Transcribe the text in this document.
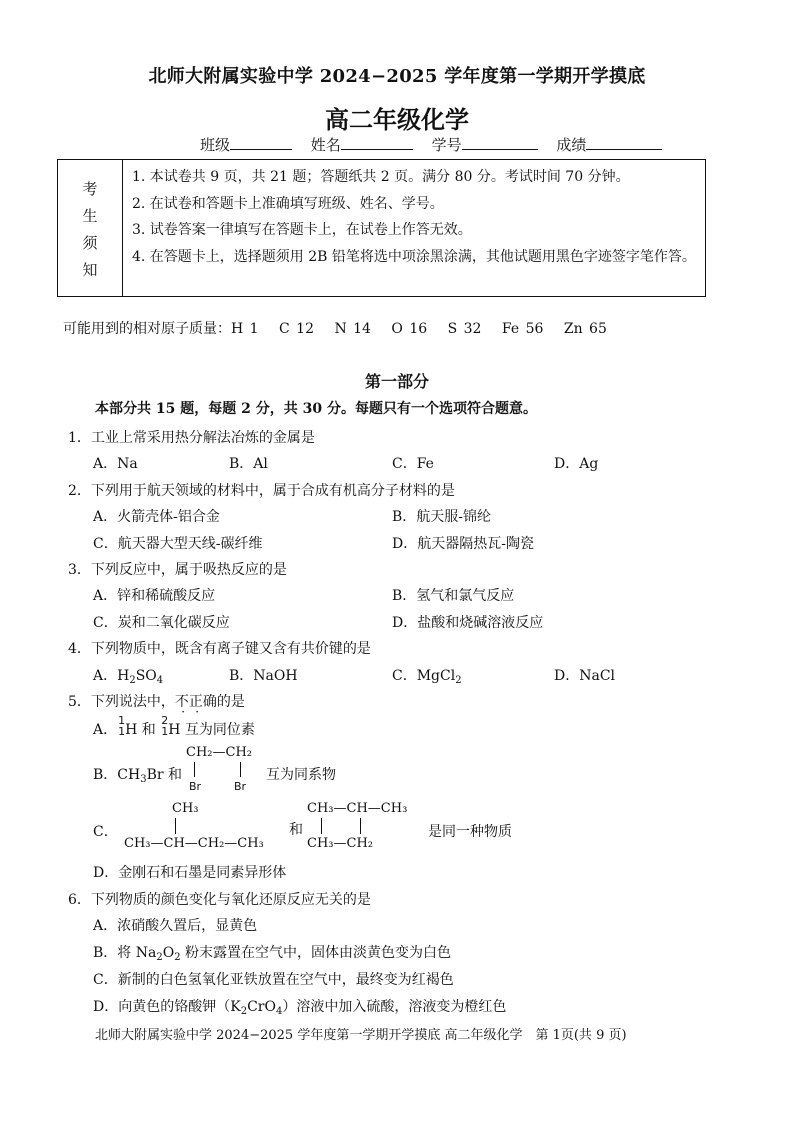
北师大附属实验中学 2024−2025 学年度第一学期开学摸底
高二年级化学
班级	姓名	学号	成绩
考
生
须
知
1. 本试卷共 9 页，共 21 题；答题纸共 2 页。满分 80 分。考试时间 70 分钟。
2. 在试卷和答题卡上准确填写班级、姓名、学号。
3. 试卷答案一律填写在答题卡上，在试卷上作答无效。
4. 在答题卡上，选择题须用 2B 铅笔将选中项涂黑涂满，其他试题用黑色字迹签字笔作答。
可能用到的相对原子质量：H 1　 C 12　 N 14　 O 16　 S 32　 Fe 56　 Zn 65
第一部分
本部分共 15 题，每题 2 分，共 30 分。每题只有一个选项符合题意。
1．工业上常采用热分解法冶炼的金属是
A．Na	B．Al	C．Fe	D．Ag
2．下列用于航天领域的材料中，属于合成有机高分子材料的是
A．火箭壳体-铝合金	B．航天服-锦纶
C．航天器大型天线-碳纤维	D．航天器隔热瓦-陶瓷
3．下列反应中，属于吸热反应的是
A．锌和稀硫酸反应	B．氢气和氯气反应
C．炭和二氧化碳反应	D．盐酸和烧碱溶液反应
4．下列物质中，既含有离子键又含有共价键的是
A．$H_2SO_4$	B．NaOH	C．MgCl$_2$	D．NaCl
5．下列说法中，不正确的是
A．
1
1 H 和
2
1 H 互为同位素
B．$CH_3Br$ 和
CH₂—CH₂
Br	Br
互为同系物
C．
CH₃
CH₃—CH—CH₂—CH₃
和
CH₃—CH—CH₃
CH₃—CH₂
是同一种物质
D．金刚石和石墨是同素异形体
6．下列物质的颜色变化与氧化还原反应无关的是
A．浓硝酸久置后，显黄色
B．将 $Na_2O_2$ 粉末露置在空气中，固体由淡黄色变为白色
C．新制的白色氢氧化亚铁放置在空气中，最终变为红褐色
D．向黄色的铬酸钾$(K_2CrO_4)$溶液中加入硫酸，溶液变为橙红色
北师大附属实验中学 2024−2025 学年度第一学期开学摸底 高二年级化学　第 1页(共 9 页)
